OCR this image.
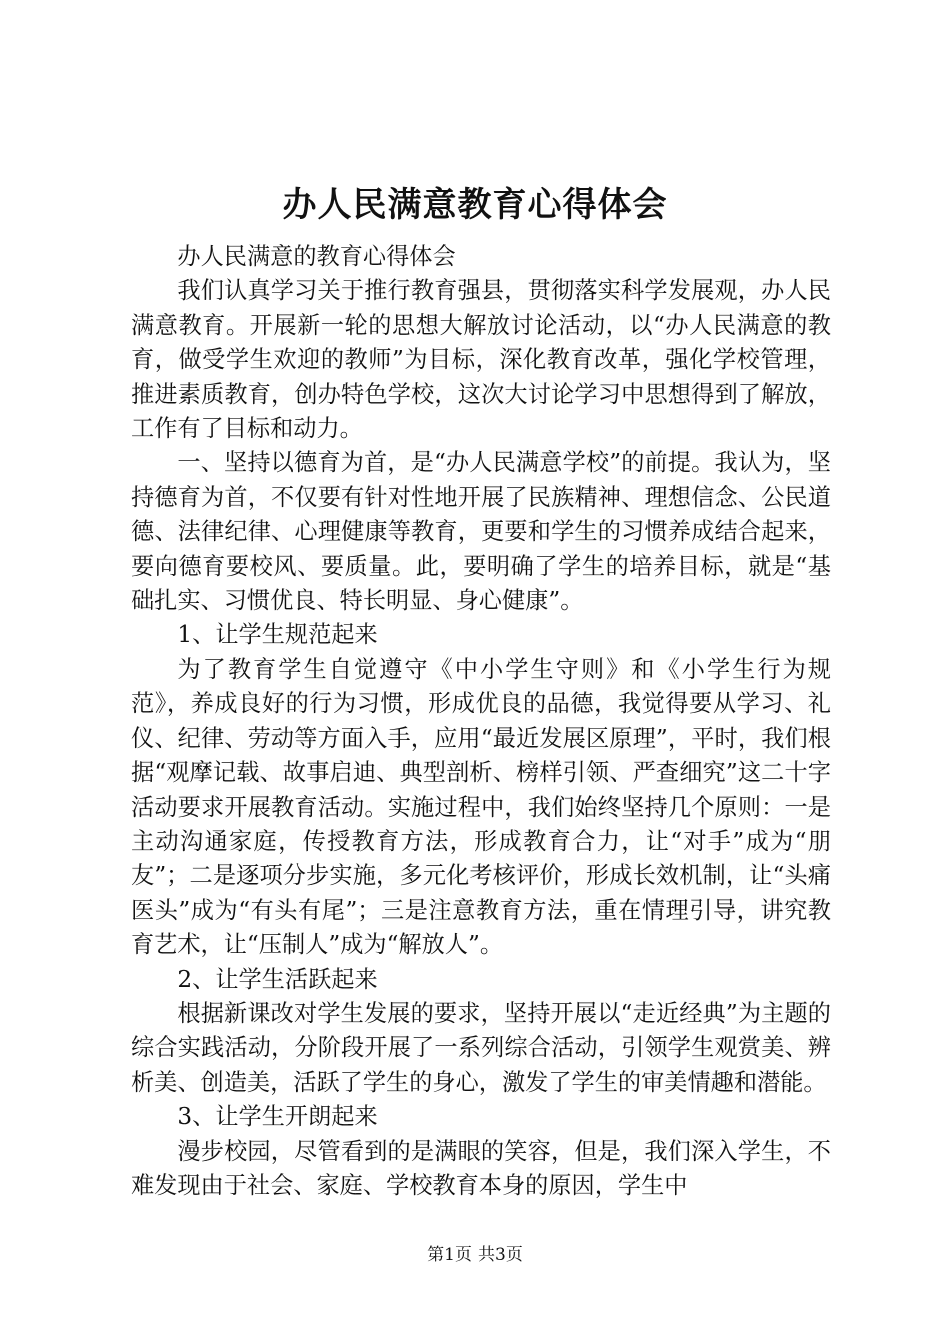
办人民满意教育心得体会

办人民满意的教育心得体会

我们认真学习关于推行教育强县，贯彻落实科学发展观，办人民满意教育。开展新一轮的思想大解放讨论活动，以“办人民满意的教育，做受学生欢迎的教师”为目标，深化教育改革，强化学校管理，推进素质教育，创办特色学校，这次大讨论学习中思想得到了解放，工作有了目标和动力。

一、坚持以德育为首，是“办人民满意学校”的前提。我认为，坚持德育为首，不仅要有针对性地开展了民族精神、理想信念、公民道德、法律纪律、心理健康等教育，更要和学生的习惯养成结合起来，要向德育要校风、要质量。此，要明确了学生的培养目标，就是“基础扎实、习惯优良、特长明显、身心健康”。

1、让学生规范起来

为了教育学生自觉遵守《中小学生守则》和《小学生行为规范》，养成良好的行为习惯，形成优良的品德，我觉得要从学习、礼仪、纪律、劳动等方面入手，应用“最近发展区原理”，平时，我们根据“观摩记载、故事启迪、典型剖析、榜样引领、严查细究”这二十字活动要求开展教育活动。实施过程中，我们始终坚持几个原则：一是主动沟通家庭，传授教育方法，形成教育合力，让“对手”成为“朋友”；二是逐项分步实施，多元化考核评价，形成长效机制，让“头痛医头”成为“有头有尾”；三是注意教育方法，重在情理引导，讲究教育艺术，让“压制人”成为“解放人”。

2、让学生活跃起来

根据新课改对学生发展的要求，坚持开展以“走近经典”为主题的综合实践活动，分阶段开展了一系列综合活动，引领学生观赏美、辨析美、创造美，活跃了学生的身心，激发了学生的审美情趣和潜能。

3、让学生开朗起来

漫步校园，尽管看到的是满眼的笑容，但是，我们深入学生，不难发现由于社会、家庭、学校教育本身的原因，学生中

第1页 共3页
